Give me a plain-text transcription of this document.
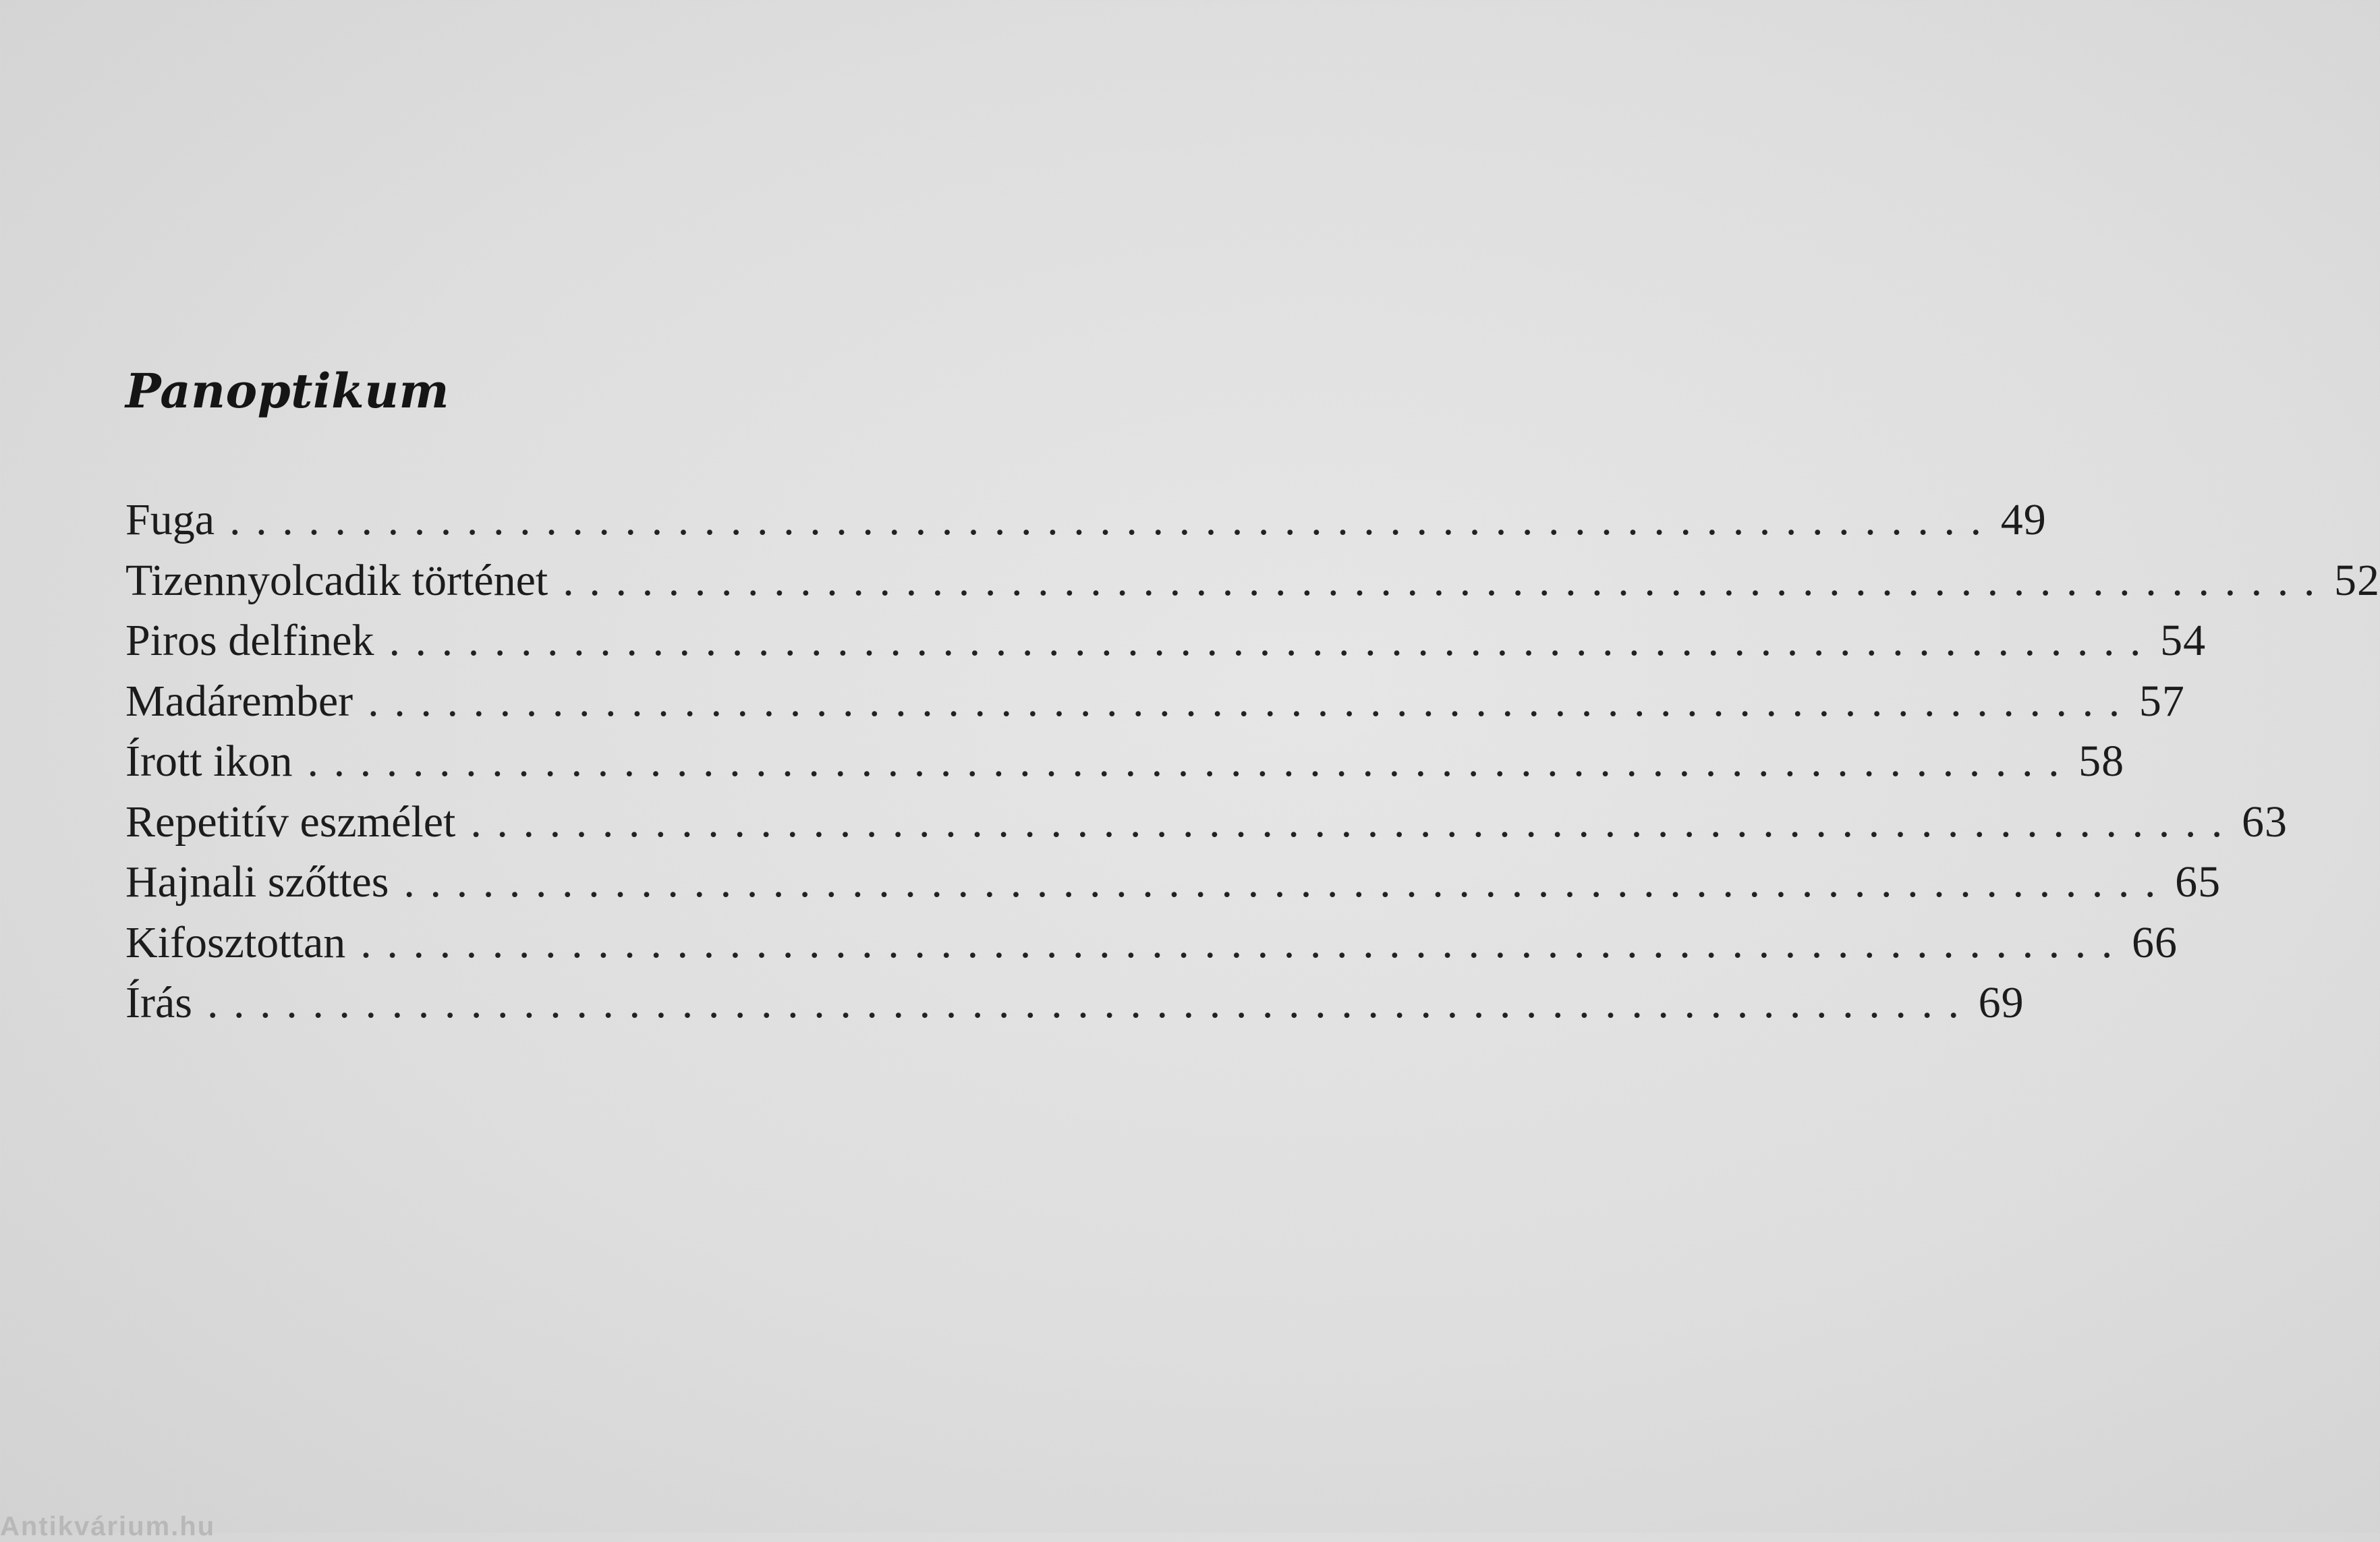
Panoptikum
Fuga ................................................................... 49
Tizennyolcadik történet ................................................................... 52
Piros delfinek ................................................................... 54
Madárember ................................................................... 57
Írott ikon ................................................................... 58
Repetitív eszmélet ................................................................... 63
Hajnali szőttes ................................................................... 65
Kifosztottan ................................................................... 66
Írás ................................................................... 69
Antikvárium.hu
